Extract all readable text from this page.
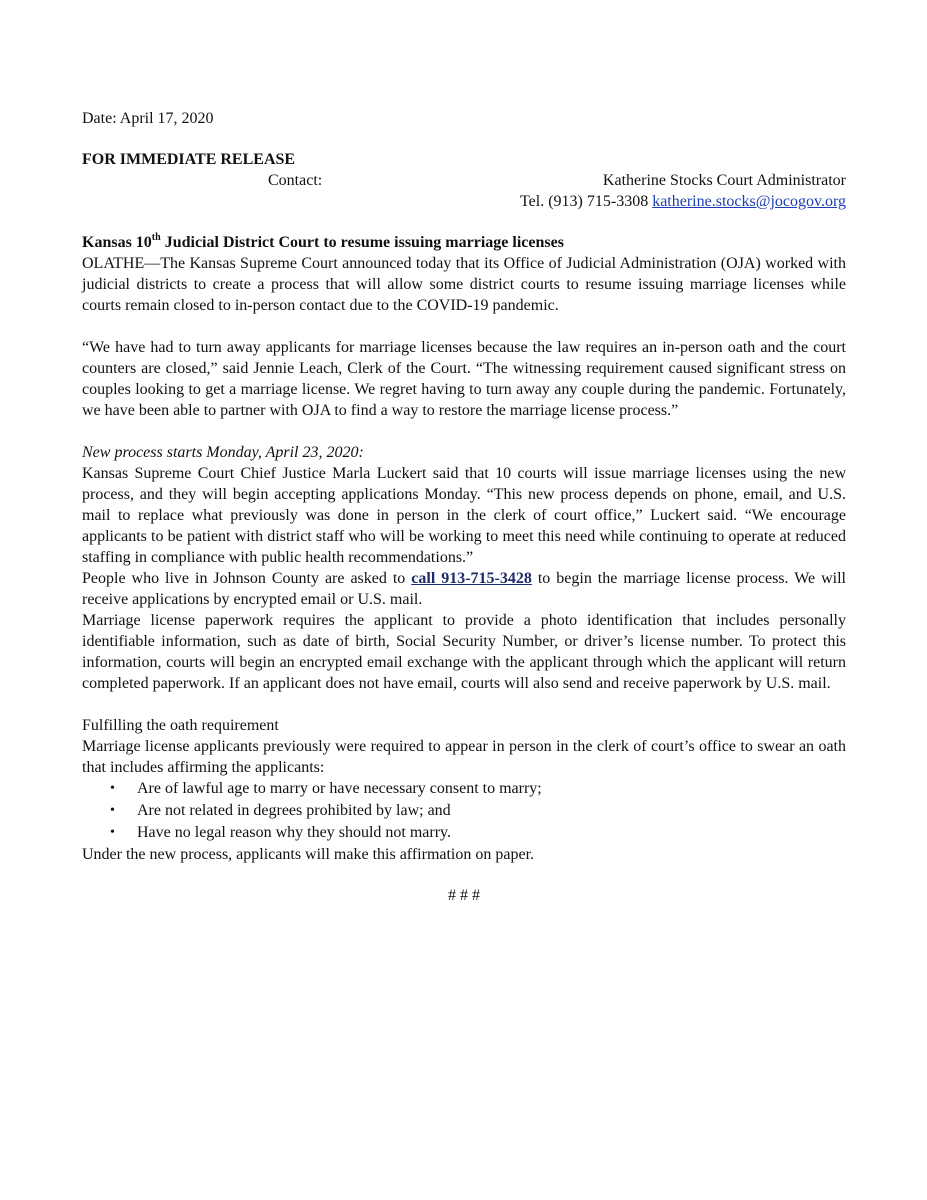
Date: April 17, 2020
FOR IMMEDIATE RELEASE
Contact:	Katherine Stocks Court Administrator
Tel. (913) 715-3308 katherine.stocks@jocogov.org
Kansas 10th Judicial District Court to resume issuing marriage licenses

OLATHE—The Kansas Supreme Court announced today that its Office of Judicial Administration (OJA) worked with judicial districts to create a process that will allow some district courts to resume issuing marriage licenses while courts remain closed to in-person contact due to the COVID-19 pandemic.

“We have had to turn away applicants for marriage licenses because the law requires an in-person oath and the court counters are closed,” said Jennie Leach, Clerk of the Court. “The witnessing requirement caused significant stress on couples looking to get a marriage license. We regret having to turn away any couple during the pandemic. Fortunately, we have been able to partner with OJA to find a way to restore the marriage license process.”

New process starts Monday, April 23, 2020:

Kansas Supreme Court Chief Justice Marla Luckert said that 10 courts will issue marriage licenses using the new process, and they will begin accepting applications Monday. “This new process depends on phone, email, and U.S. mail to replace what previously was done in person in the clerk of court office,” Luckert said. “We encourage applicants to be patient with district staff who will be working to meet this need while continuing to operate at reduced staffing in compliance with public health recommendations.”

People who live in Johnson County are asked to call 913-715-3428 to begin the marriage license process. We will receive applications by encrypted email or U.S. mail.

Marriage license paperwork requires the applicant to provide a photo identification that includes personally identifiable information, such as date of birth, Social Security Number, or driver’s license number. To protect this information, courts will begin an encrypted email exchange with the applicant through which the applicant will return completed paperwork. If an applicant does not have email, courts will also send and receive paperwork by U.S. mail.

Fulfilling the oath requirement

Marriage license applicants previously were required to appear in person in the clerk of court’s office to swear an oath that includes affirming the applicants:

• Are of lawful age to marry or have necessary consent to marry;
• Are not related in degrees prohibited by law; and
• Have no legal reason why they should not marry.

Under the new process, applicants will make this affirmation on paper.

# # #
